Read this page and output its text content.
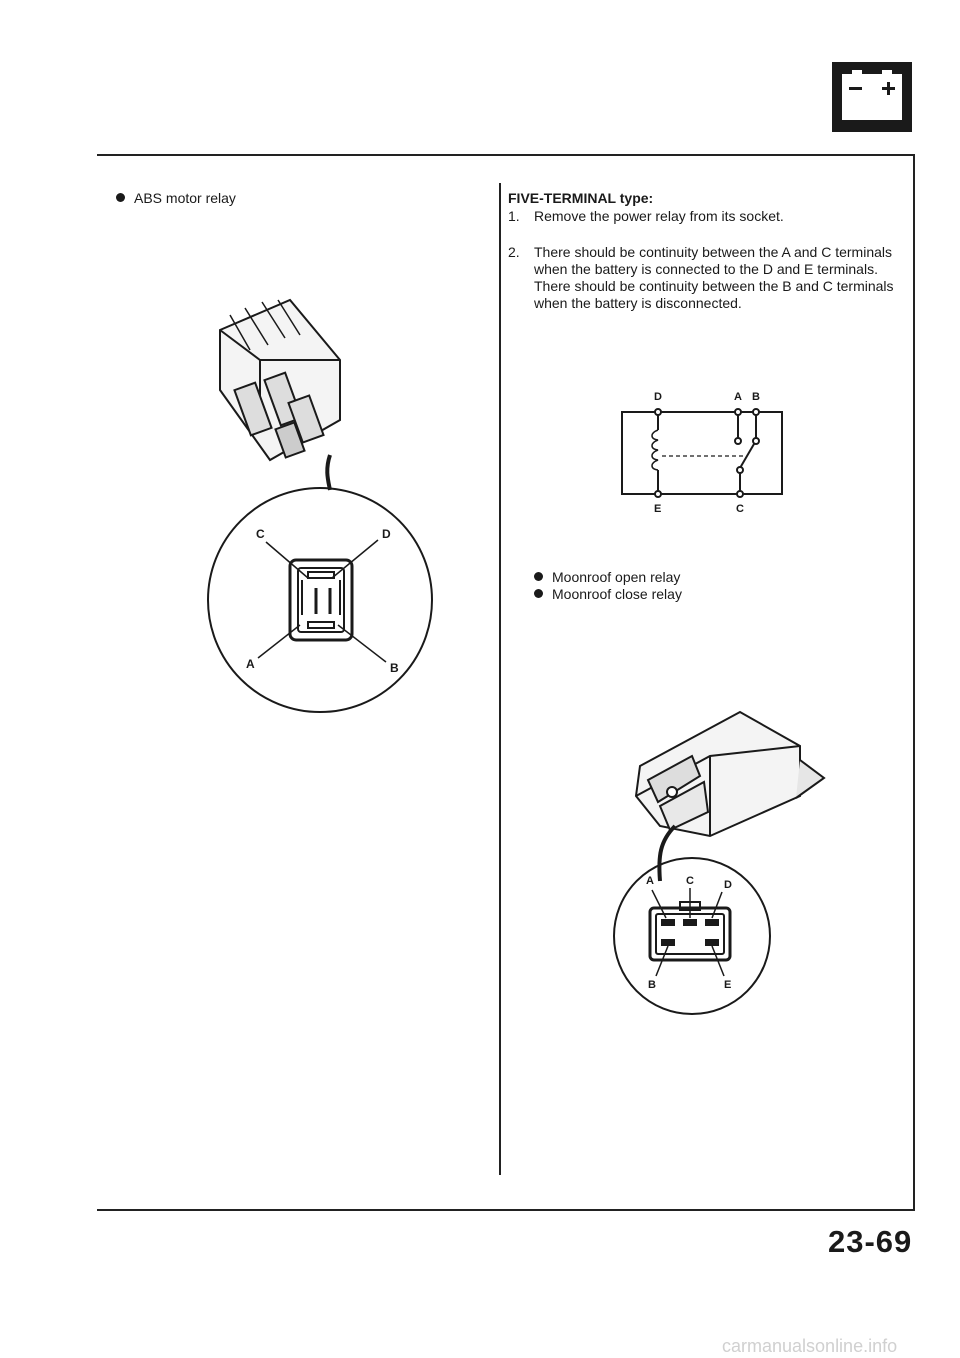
ABS motor relay
C	D
A	B
FIVE-TERMINAL type:
1.	Remove the power relay from its socket.

2.	There should be continuity between the A and C terminals when the battery is connected to the D and E terminals.

There should be continuity between the B and C terminals when the battery is disconnected.

D	A B
E	C
Moonroof open relay
Moonroof close relay
A	C	D
B	E
23-69
carmanualsonline.info
